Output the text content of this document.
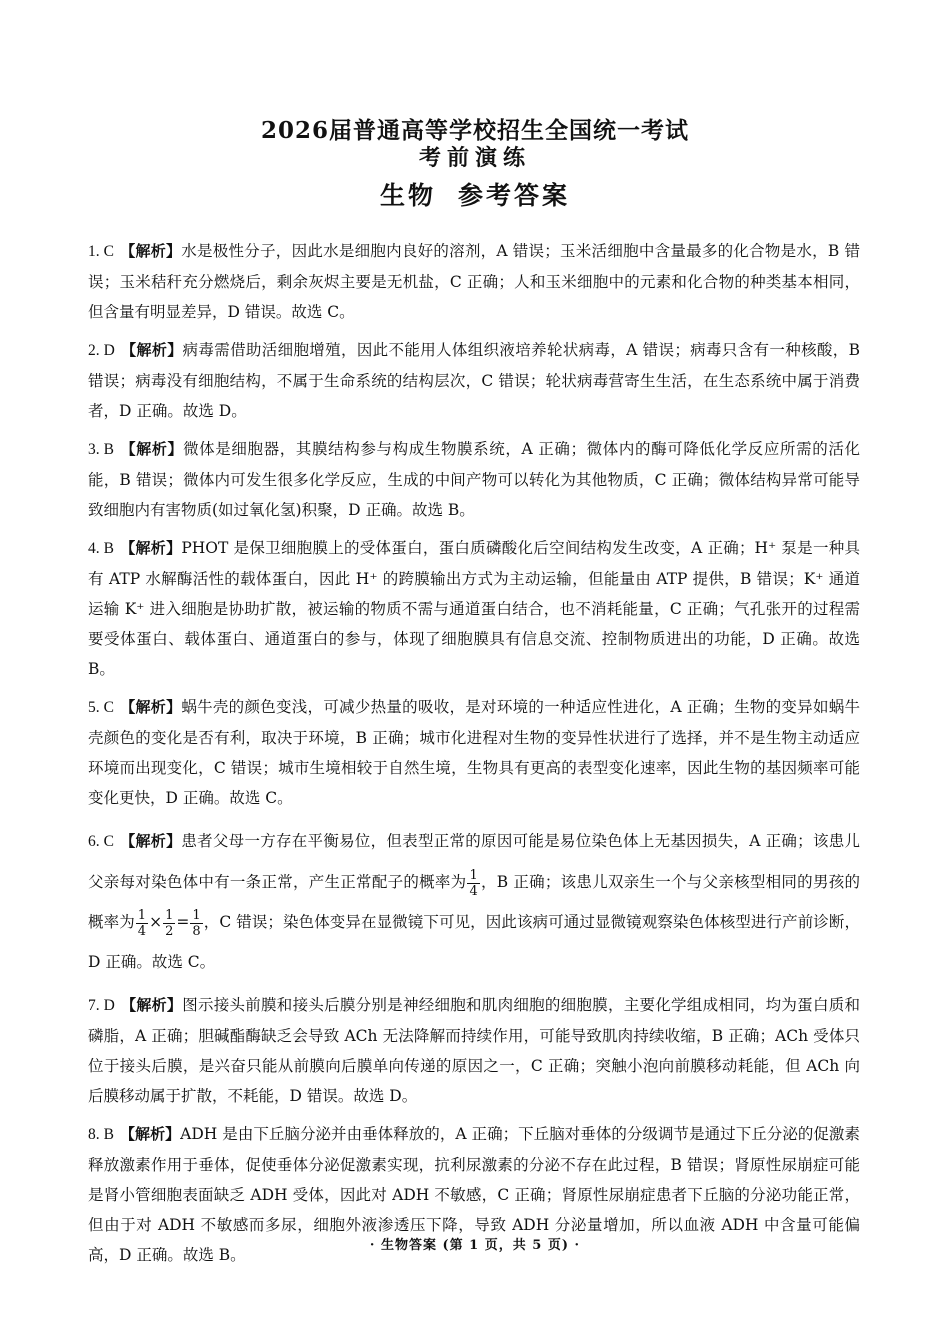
2026届普通高等学校招生全国统一考试
考前演练
生物 参考答案
1. C 【解析】水是极性分子，因此水是细胞内良好的溶剂，A 错误；玉米活细胞中含量最多的化合物是水，B 错误；玉米秸秆充分燃烧后，剩余灰烬主要是无机盐，C 正确；人和玉米细胞中的元素和化合物的种类基本相同，但含量有明显差异，D 错误。故选 C。
2. D 【解析】病毒需借助活细胞增殖，因此不能用人体组织液培养轮状病毒，A 错误；病毒只含有一种核酸，B 错误；病毒没有细胞结构，不属于生命系统的结构层次，C 错误；轮状病毒营寄生生活，在生态系统中属于消费者，D 正确。故选 D。
3. B 【解析】微体是细胞器，其膜结构参与构成生物膜系统，A 正确；微体内的酶可降低化学反应所需的活化能，B 错误；微体内可发生很多化学反应，生成的中间产物可以转化为其他物质，C 正确；微体结构异常可能导致细胞内有害物质(如过氧化氢)积聚，D 正确。故选 B。
4. B 【解析】PHOT 是保卫细胞膜上的受体蛋白，蛋白质磷酸化后空间结构发生改变，A 正确；H⁺ 泵是一种具有 ATP 水解酶活性的载体蛋白，因此 H⁺ 的跨膜输出方式为主动运输，但能量由 ATP 提供，B 错误；K⁺ 通道运输 K⁺ 进入细胞是协助扩散，被运输的物质不需与通道蛋白结合，也不消耗能量，C 正确；气孔张开的过程需要受体蛋白、载体蛋白、通道蛋白的参与，体现了细胞膜具有信息交流、控制物质进出的功能，D 正确。故选 B。
5. C 【解析】蜗牛壳的颜色变浅，可减少热量的吸收，是对环境的一种适应性进化，A 正确；生物的变异如蜗牛壳颜色的变化是否有利，取决于环境，B 正确；城市化进程对生物的变异性状进行了选择，并不是生物主动适应环境而出现变化，C 错误；城市生境相较于自然生境，生物具有更高的表型变化速率，因此生物的基因频率可能变化更快，D 正确。故选 C。
6. C 【解析】患者父母一方存在平衡易位，但表型正常的原因可能是易位染色体上无基因损失，A 正确；该患儿父亲每对染色体中有一条正常，产生正常配子的概率为 $\frac{1}{4}$ ，B 正确；该患儿双亲生一个与父亲核型相同的男孩的概率为 $\frac{1}{4} \times \frac{1}{2} = \frac{1}{8}$ ，C 错误；染色体变异在显微镜下可见，因此该病可通过显微镜观察染色体核型进行产前诊断，D 正确。故选 C。
7. D 【解析】图示接头前膜和接头后膜分别是神经细胞和肌肉细胞的细胞膜，主要化学组成相同，均为蛋白质和磷脂，A 正确；胆碱酯酶缺乏会导致 ACh 无法降解而持续作用，可能导致肌肉持续收缩，B 正确；ACh 受体只位于接头后膜，是兴奋只能从前膜向后膜单向传递的原因之一，C 正确；突触小泡向前膜移动耗能，但 ACh 向后膜移动属于扩散，不耗能，D 错误。故选 D。
8. B 【解析】ADH 是由下丘脑分泌并由垂体释放的，A 正确；下丘脑对垂体的分级调节是通过下丘分泌的促激素释放激素作用于垂体，促使垂体分泌促激素实现，抗利尿激素的分泌不存在此过程，B 错误；肾原性尿崩症可能是肾小管细胞表面缺乏 ADH 受体，因此对 ADH 不敏感，C 正确；肾原性尿崩症患者下丘脑的分泌功能正常，但由于对 ADH 不敏感而多尿，细胞外液渗透压下降，导致 ADH 分泌量增加，所以血液 ADH 中含量可能偏高，D 正确。故选 B。
· 生物答案 (第 1 页，共 5 页) ·
